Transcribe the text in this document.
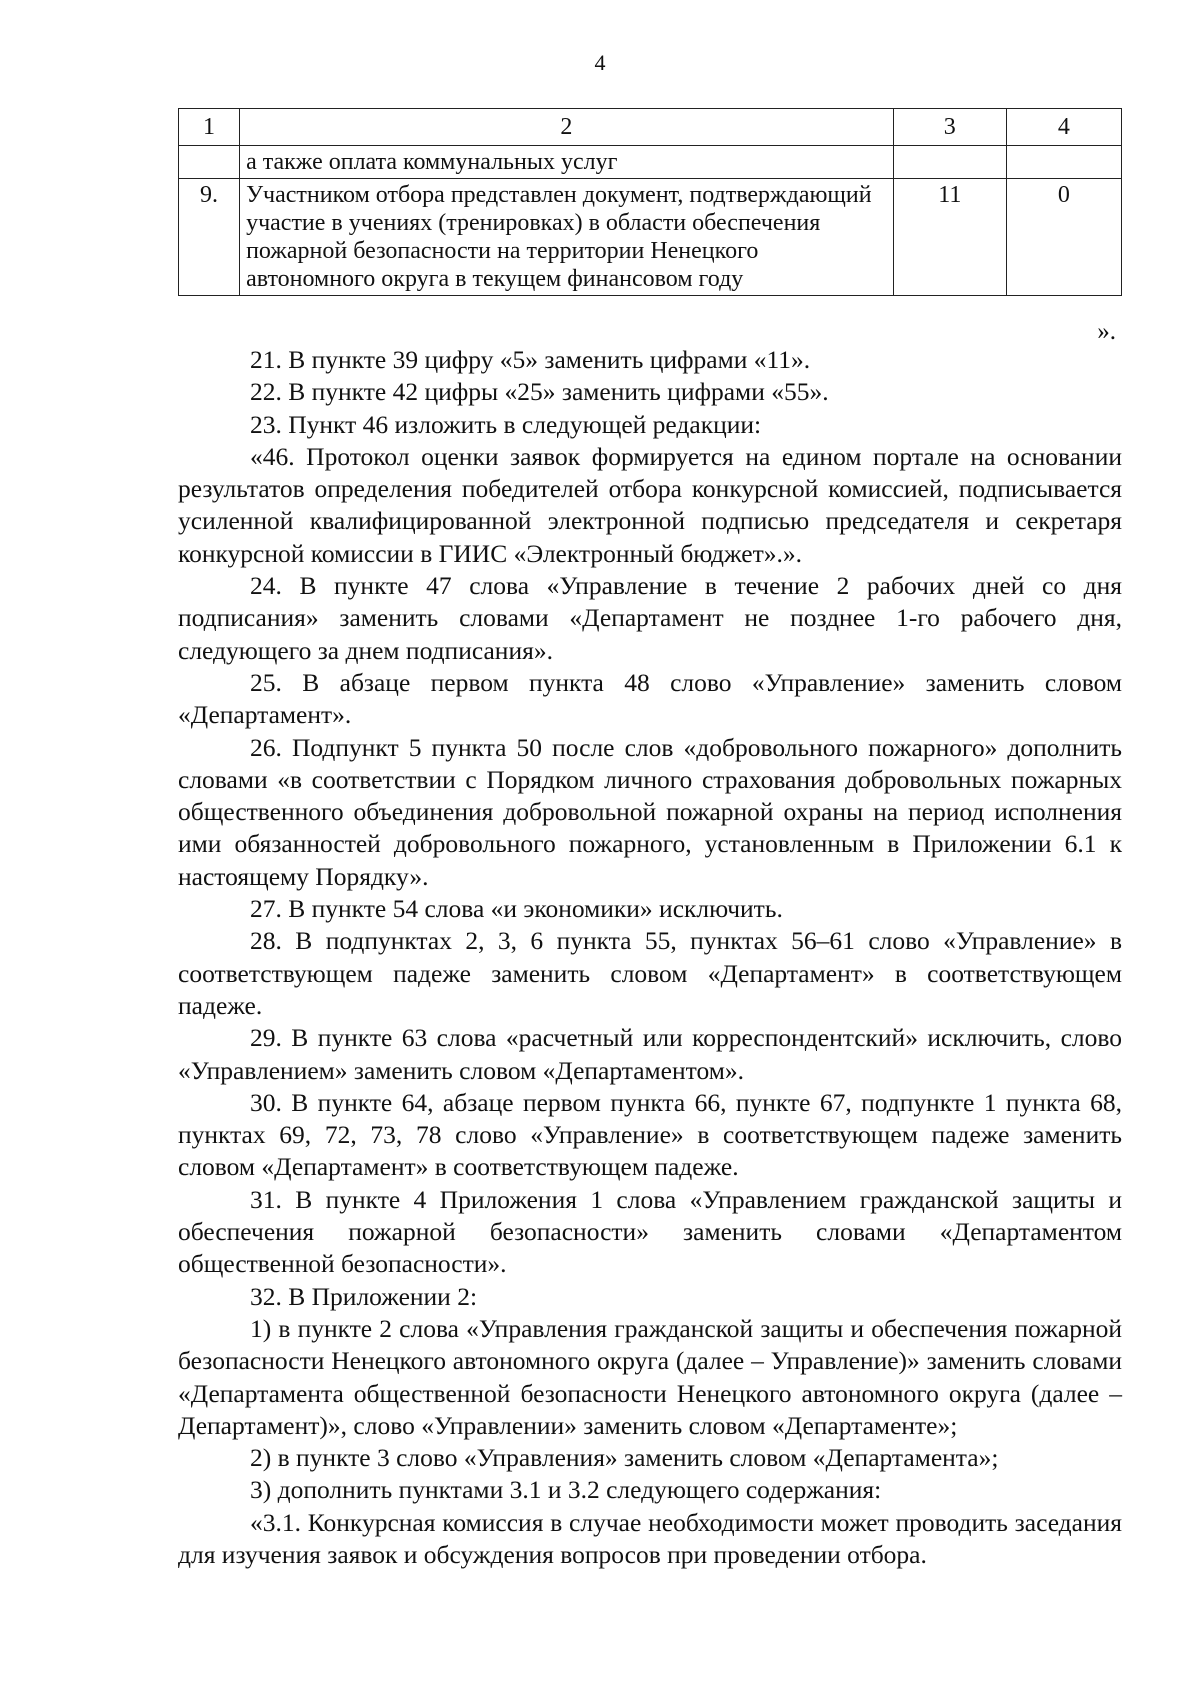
4
1	2	3	4
	а также оплата коммунальных услуг		
9.	Участником отбора представлен документ, подтверждающий участие в учениях (тренировках) в области обеспечения пожарной безопасности на территории Ненецкого автономного округа в текущем финансовом году	11	0
».

21. В пункте 39 цифру «5» заменить цифрами «11».

22. В пункте 42 цифры «25» заменить цифрами «55».

23. Пункт 46 изложить в следующей редакции:

«46. Протокол оценки заявок формируется на едином портале на основании результатов определения победителей отбора конкурсной комиссией, подписывается усиленной квалифицированной электронной подписью председателя и секретаря конкурсной комиссии в ГИИС «Электронный бюджет».».

24. В пункте 47 слова «Управление в течение 2 рабочих дней со дня подписания» заменить словами «Департамент не позднее 1-го рабочего дня, следующего за днем подписания».

25. В абзаце первом пункта 48 слово «Управление» заменить словом «Департамент».

26. Подпункт 5 пункта 50 после слов «добровольного пожарного» дополнить словами «в соответствии с Порядком личного страхования добровольных пожарных общественного объединения добровольной пожарной охраны на период исполнения ими обязанностей добровольного пожарного, установленным в Приложении 6.1 к настоящему Порядку».

27. В пункте 54 слова «и экономики» исключить.

28. В подпунктах 2, 3, 6 пункта 55, пунктах 56–61 слово «Управление» в соответствующем падеже заменить словом «Департамент» в соответствующем падеже.

29. В пункте 63 слова «расчетный или корреспондентский» исключить, слово «Управлением» заменить словом «Департаментом».

30. В пункте 64, абзаце первом пункта 66, пункте 67, подпункте 1 пункта 68, пунктах 69, 72, 73, 78 слово «Управление» в соответствующем падеже заменить словом «Департамент» в соответствующем падеже.

31. В пункте 4 Приложения 1 слова «Управлением гражданской защиты и обеспечения пожарной безопасности» заменить словами «Департаментом общественной безопасности».

32. В Приложении 2:

1) в пункте 2 слова «Управления гражданской защиты и обеспечения пожарной безопасности Ненецкого автономного округа (далее – Управление)» заменить словами «Департамента общественной безопасности Ненецкого автономного округа (далее – Департамент)», слово «Управлении» заменить словом «Департаменте»;

2) в пункте 3 слово «Управления» заменить словом «Департамента»;

3) дополнить пунктами 3.1 и 3.2 следующего содержания:

«3.1. Конкурсная комиссия в случае необходимости может проводить заседания для изучения заявок и обсуждения вопросов при проведении отбора.
